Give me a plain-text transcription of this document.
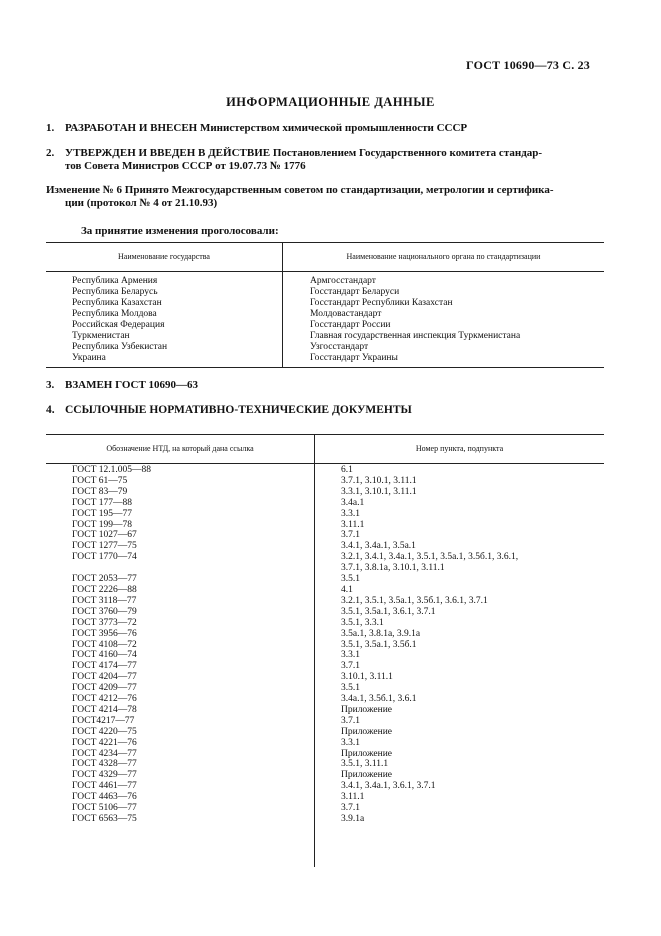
ГОСТ 10690—73 С. 23
ИНФОРМАЦИОННЫЕ ДАННЫЕ
1. РАЗРАБОТАН И ВНЕСЕН Министерством химической промышленности СССР
2. УТВЕРЖДЕН И ВВЕДЕН В ДЕЙСТВИЕ Постановлением Государственного комитета стандар-
тов Совета Министров СССР от 19.07.73 № 1776
Изменение № 6 Принято Межгосударственным советом по стандартизации, метрологии и сертифика-
ции (протокол № 4 от 21.10.93)
За принятие изменения проголосовали:
Наименование государства	Наименование национального органа по стандартизации
Республика Армения
Республика Беларусь
Республика Казахстан
Республика Молдова
Российская Федерация
Туркменистан
Республика Узбекистан
Украина
Армгосстандарт
Госстандарт Беларуси
Госстандарт Республики Казахстан
Молдовастандарт
Госстандарт России
Главная государственная инспекция Туркменистана
Узгосстандарт
Госстандарт Украины
3. ВЗАМЕН ГОСТ 10690—63
4. ССЫЛОЧНЫЕ НОРМАТИВНО-ТЕХНИЧЕСКИЕ ДОКУМЕНТЫ
Обозначение НТД, на который дана ссылка	Номер пункта, подпункта
ГОСТ 12.1.005—88
ГОСТ 61—75
ГОСТ 83—79
ГОСТ 177—88
ГОСТ 195—77
ГОСТ 199—78
ГОСТ 1027—67
ГОСТ 1277—75
ГОСТ 1770—74

ГОСТ 2053—77
ГОСТ 2226—88
ГОСТ 3118—77
ГОСТ 3760—79
ГОСТ 3773—72
ГОСТ 3956—76
ГОСТ 4108—72
ГОСТ 4160—74
ГОСТ 4174—77
ГОСТ 4204—77
ГОСТ 4209—77
ГОСТ 4212—76
ГОСТ 4214—78
ГОСТ4217—77
ГОСТ 4220—75
ГОСТ 4221—76
ГОСТ 4234—77
ГОСТ 4328—77
ГОСТ 4329—77
ГОСТ 4461—77
ГОСТ 4463—76
ГОСТ 5106—77
ГОСТ 6563—75
6.1
3.7.1, 3.10.1, 3.11.1
3.3.1, 3.10.1, 3.11.1
3.4а.1
3.3.1
3.11.1
3.7.1
3.4.1, 3.4а.1, 3.5а.1
3.2.1, 3.4.1, 3.4а.1, 3.5.1, 3.5а.1, 3.5б.1, 3.6.1,
3.7.1, 3.8.1а, 3.10.1, 3.11.1
3.5.1
4.1
3.2.1, 3.5.1, 3.5а.1, 3.5б.1, 3.6.1, 3.7.1
3.5.1, 3.5а.1, 3.6.1, 3.7.1
3.5.1, 3.3.1
3.5а.1, 3.8.1а, 3.9.1а
3.5.1, 3.5а.1, 3.5б.1
3.3.1
3.7.1
3.10.1, 3.11.1
3.5.1
3.4а.1, 3.5б.1, 3.6.1
Приложение
3.7.1
Приложение
3.3.1
Приложение
3.5.1, 3.11.1
Приложение
3.4.1, 3.4а.1, 3.6.1, 3.7.1
3.11.1
3.7.1
3.9.1а
